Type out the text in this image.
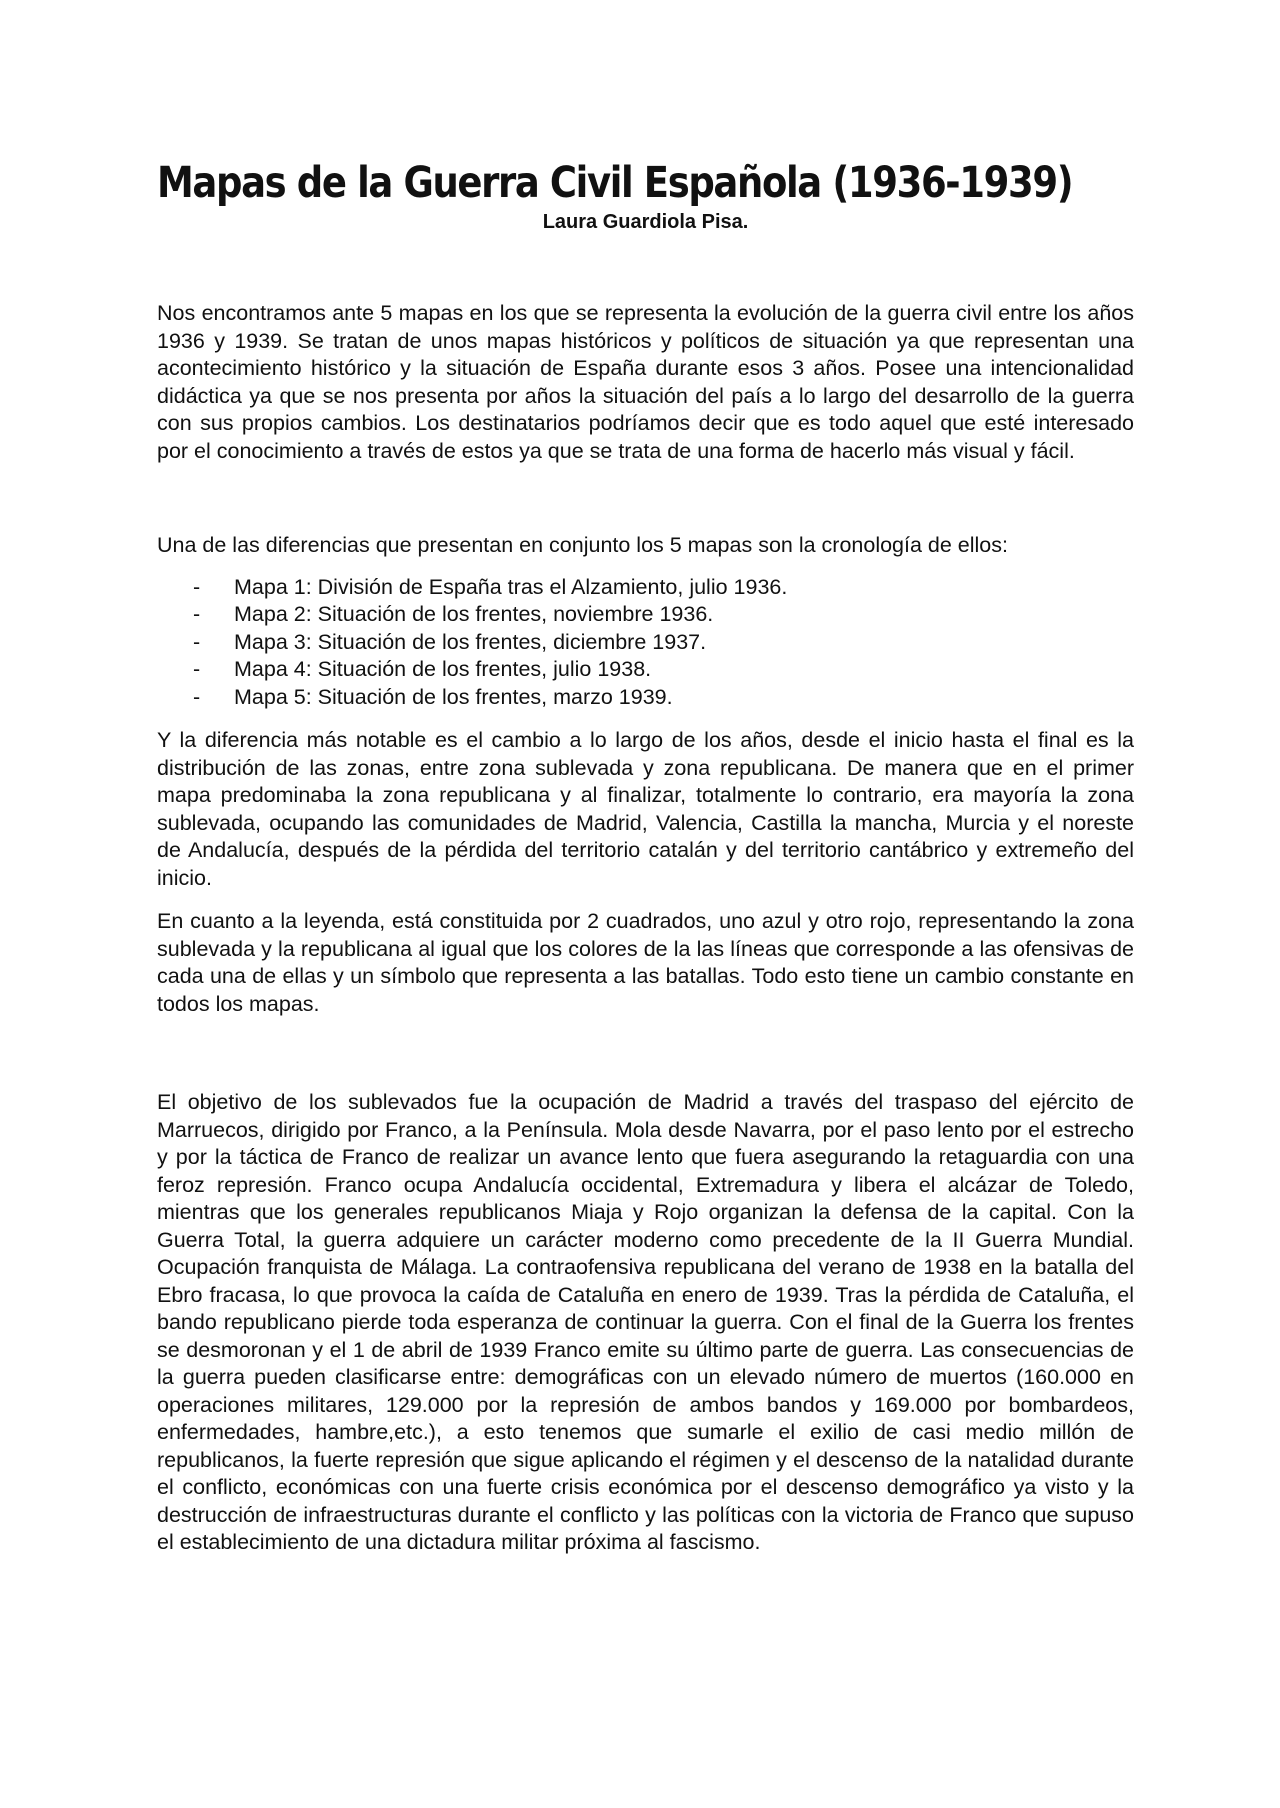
Mapas de la Guerra Civil Española (1936-1939)
Laura Guardiola Pisa.

Nos encontramos ante 5 mapas en los que se representa la evolución de la guerra civil entre los años 1936 y 1939. Se tratan de unos mapas históricos y políticos de situación ya que representan una acontecimiento histórico y la situación de España durante esos 3 años. Posee una intencionalidad didáctica ya que se nos presenta por años la situación del país a lo largo del desarrollo de la guerra con sus propios cambios. Los destinatarios podríamos decir que es todo aquel que esté interesado por el conocimiento a través de estos ya que se trata de una forma de hacerlo más visual y fácil.

Una de las diferencias que presentan en conjunto los 5 mapas son la cronología de ellos:

- Mapa 1: División de España tras el Alzamiento, julio 1936.
- Mapa 2: Situación de los frentes, noviembre 1936.
- Mapa 3: Situación de los frentes, diciembre 1937.
- Mapa 4: Situación de los frentes, julio 1938.
- Mapa 5: Situación de los frentes, marzo 1939.

Y la diferencia más notable es el cambio a lo largo de los años, desde el inicio hasta el final es la distribución de las zonas, entre zona sublevada y zona republicana. De manera que en el primer mapa predominaba la zona republicana y al finalizar, totalmente lo contrario, era mayoría la zona sublevada, ocupando las comunidades de Madrid, Valencia, Castilla la mancha, Murcia y el noreste de Andalucía, después de la pérdida del territorio catalán y del territorio cantábrico y extremeño del inicio.

En cuanto a la leyenda, está constituida por 2 cuadrados, uno azul y otro rojo, representando la zona sublevada y la republicana al igual que los colores de la las líneas que corresponde a las ofensivas de cada una de ellas y un símbolo que representa a las batallas. Todo esto tiene un cambio constante en todos los mapas.

El objetivo de los sublevados fue la ocupación de Madrid a través del traspaso del ejército de Marruecos, dirigido por Franco, a la Península. Mola desde Navarra, por el paso lento por el estrecho y por la táctica de Franco de realizar un avance lento que fuera asegurando la retaguardia con una feroz represión. Franco ocupa Andalucía occidental, Extremadura y libera el alcázar de Toledo, mientras que los generales republicanos Miaja y Rojo organizan la defensa de la capital. Con la Guerra Total, la guerra adquiere un carácter moderno como precedente de la II Guerra Mundial. Ocupación franquista de Málaga. La contraofensiva republicana del verano de 1938 en la batalla del Ebro fracasa, lo que provoca la caída de Cataluña en enero de 1939. Tras la pérdida de Cataluña, el bando republicano pierde toda esperanza de continuar la guerra. Con el final de la Guerra los frentes se desmoronan y el 1 de abril de 1939 Franco emite su último parte de guerra. Las consecuencias de la guerra pueden clasificarse entre: demográficas con un elevado número de muertos (160.000 en operaciones militares, 129.000 por la represión de ambos bandos y 169.000 por bombardeos, enfermedades, hambre,etc.), a esto tenemos que sumarle el exilio de casi medio millón de republicanos, la fuerte represión que sigue aplicando el régimen y el descenso de la natalidad durante el conflicto, económicas con una fuerte crisis económica por el descenso demográfico ya visto y la destrucción de infraestructuras durante el conflicto y las políticas con la victoria de Franco que supuso el establecimiento de una dictadura militar próxima al fascismo.
